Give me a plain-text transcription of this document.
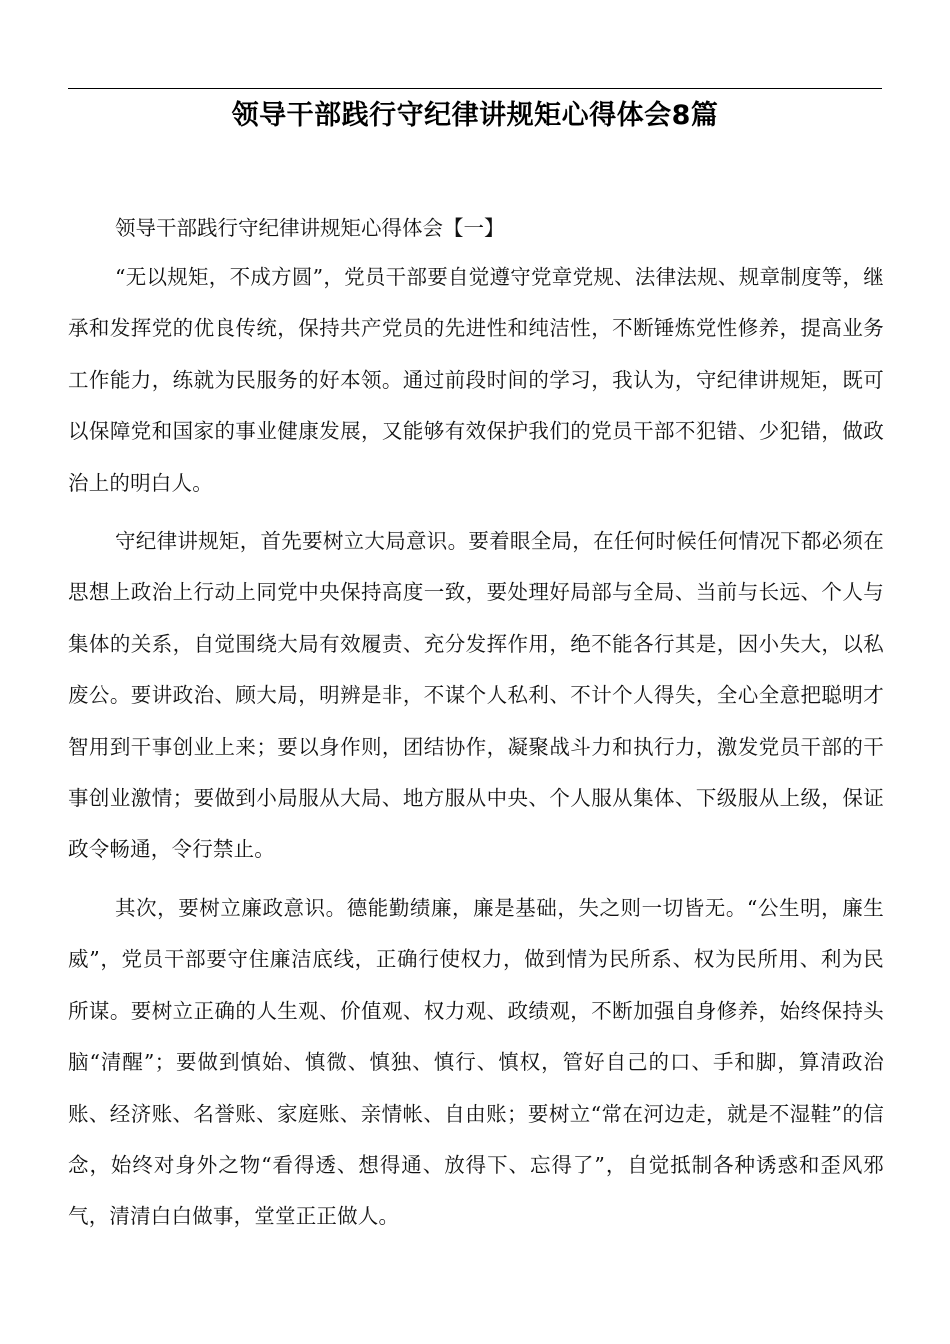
领导干部践行守纪律讲规矩心得体会8篇

领导干部践行守纪律讲规矩心得体会【一】

“无以规矩，不成方圆”，党员干部要自觉遵守党章党规、法律法规、规章制度等，继承和发挥党的优良传统，保持共产党员的先进性和纯洁性，不断锤炼党性修养，提高业务工作能力，练就为民服务的好本领。通过前段时间的学习，我认为，守纪律讲规矩，既可以保障党和国家的事业健康发展，又能够有效保护我们的党员干部不犯错、少犯错，做政治上的明白人。

守纪律讲规矩，首先要树立大局意识。要着眼全局，在任何时候任何情况下都必须在思想上政治上行动上同党中央保持高度一致，要处理好局部与全局、当前与长远、个人与集体的关系，自觉围绕大局有效履责、充分发挥作用，绝不能各行其是，因小失大，以私废公。要讲政治、顾大局，明辨是非，不谋个人私利、不计个人得失，全心全意把聪明才智用到干事创业上来；要以身作则，团结协作，凝聚战斗力和执行力，激发党员干部的干事创业激情；要做到小局服从大局、地方服从中央、个人服从集体、下级服从上级，保证政令畅通，令行禁止。

其次，要树立廉政意识。德能勤绩廉，廉是基础，失之则一切皆无。“公生明，廉生威”，党员干部要守住廉洁底线，正确行使权力，做到情为民所系、权为民所用、利为民所谋。要树立正确的人生观、价值观、权力观、政绩观，不断加强自身修养，始终保持头脑“清醒”；要做到慎始、慎微、慎独、慎行、慎权，管好自己的口、手和脚，算清政治账、经济账、名誉账、家庭账、亲情帐、自由账；要树立“常在河边走，就是不湿鞋”的信念，始终对身外之物“看得透、想得通、放得下、忘得了”，自觉抵制各种诱惑和歪风邪气，清清白白做事，堂堂正正做人。
